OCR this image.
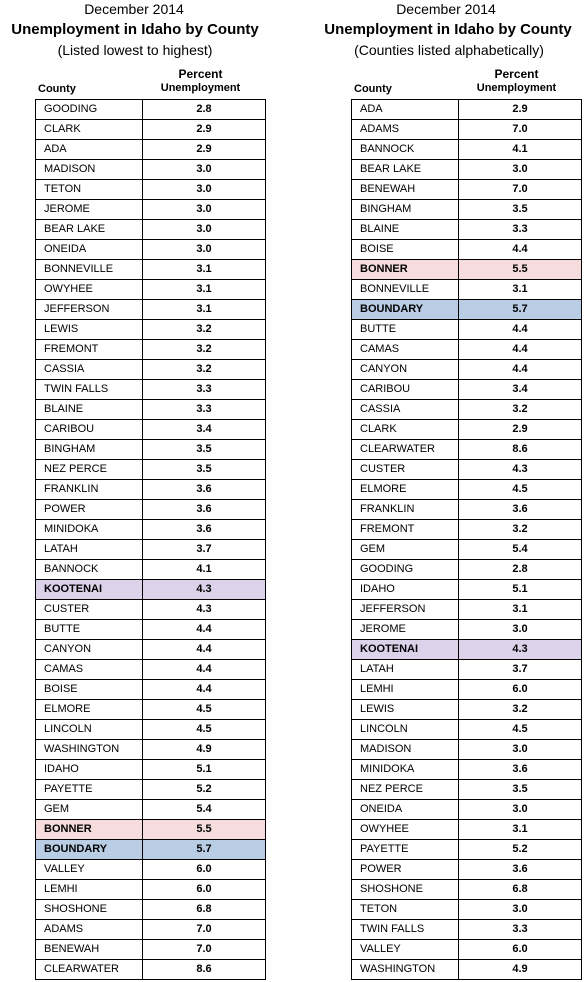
December 2014
Unemployment in Idaho by County
(Listed lowest to highest)
County
Percent
Unemployment
GOODING	2.8
CLARK	2.9
ADA	2.9
MADISON	3.0
TETON	3.0
JEROME	3.0
BEAR LAKE	3.0
ONEIDA	3.0
BONNEVILLE	3.1
OWYHEE	3.1
JEFFERSON	3.1
LEWIS	3.2
FREMONT	3.2
CASSIA	3.2
TWIN FALLS	3.3
BLAINE	3.3
CARIBOU	3.4
BINGHAM	3.5
NEZ PERCE	3.5
FRANKLIN	3.6
POWER	3.6
MINIDOKA	3.6
LATAH	3.7
BANNOCK	4.1
KOOTENAI	4.3
CUSTER	4.3
BUTTE	4.4
CANYON	4.4
CAMAS	4.4
BOISE	4.4
ELMORE	4.5
LINCOLN	4.5
WASHINGTON	4.9
IDAHO	5.1
PAYETTE	5.2
GEM	5.4
BONNER	5.5
BOUNDARY	5.7
VALLEY	6.0
LEMHI	6.0
SHOSHONE	6.8
ADAMS	7.0
BENEWAH	7.0
CLEARWATER	8.6
December 2014
Unemployment in Idaho by County
(Counties listed alphabetically)
County
Percent
Unemployment
ADA	2.9
ADAMS	7.0
BANNOCK	4.1
BEAR LAKE	3.0
BENEWAH	7.0
BINGHAM	3.5
BLAINE	3.3
BOISE	4.4
BONNER	5.5
BONNEVILLE	3.1
BOUNDARY	5.7
BUTTE	4.4
CAMAS	4.4
CANYON	4.4
CARIBOU	3.4
CASSIA	3.2
CLARK	2.9
CLEARWATER	8.6
CUSTER	4.3
ELMORE	4.5
FRANKLIN	3.6
FREMONT	3.2
GEM	5.4
GOODING	2.8
IDAHO	5.1
JEFFERSON	3.1
JEROME	3.0
KOOTENAI	4.3
LATAH	3.7
LEMHI	6.0
LEWIS	3.2
LINCOLN	4.5
MADISON	3.0
MINIDOKA	3.6
NEZ PERCE	3.5
ONEIDA	3.0
OWYHEE	3.1
PAYETTE	5.2
POWER	3.6
SHOSHONE	6.8
TETON	3.0
TWIN FALLS	3.3
VALLEY	6.0
WASHINGTON	4.9
